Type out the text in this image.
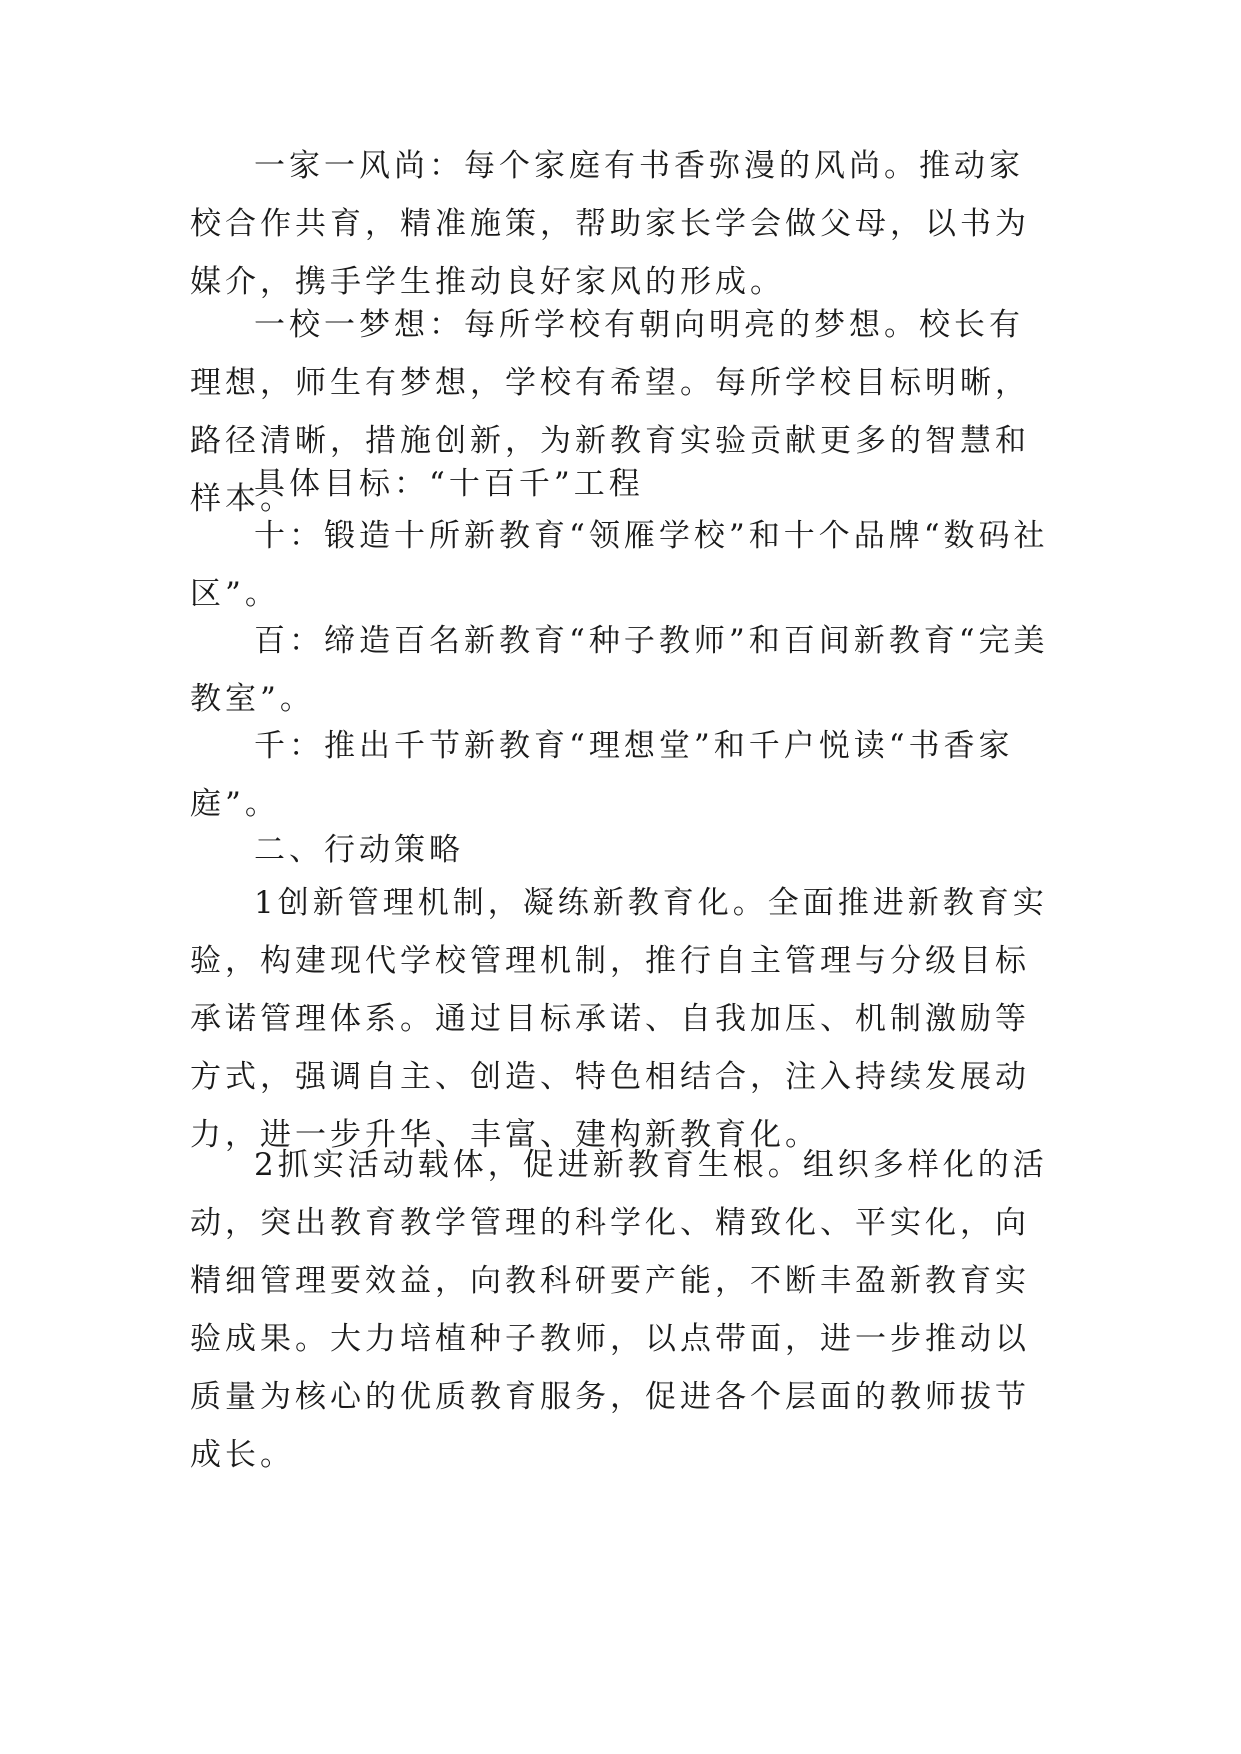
一家一风尚：每个家庭有书香弥漫的风尚。推动家校合作共育，精准施策，帮助家长学会做父母，以书为媒介，携手学生推动良好家风的形成。

一校一梦想：每所学校有朝向明亮的梦想。校长有理想，师生有梦想，学校有希望。每所学校目标明晰，路径清晰，措施创新，为新教育实验贡献更多的智慧和样本。

具体目标：“十百千”工程

十：锻造十所新教育“领雁学校”和十个品牌“数码社区”。

百：缔造百名新教育“种子教师”和百间新教育“完美教室”。

千：推出千节新教育“理想堂”和千户悦读“书香家庭”。

二、行动策略

1创新管理机制，凝练新教育化。全面推进新教育实验，构建现代学校管理机制，推行自主管理与分级目标承诺管理体系。通过目标承诺、自我加压、机制激励等方式，强调自主、创造、特色相结合，注入持续发展动力，进一步升华、丰富、建构新教育化。

2抓实活动载体，促进新教育生根。组织多样化的活动，突出教育教学管理的科学化、精致化、平实化，向精细管理要效益，向教科研要产能，不断丰盈新教育实验成果。大力培植种子教师，以点带面，进一步推动以质量为核心的优质教育服务，促进各个层面的教师拔节成长。
